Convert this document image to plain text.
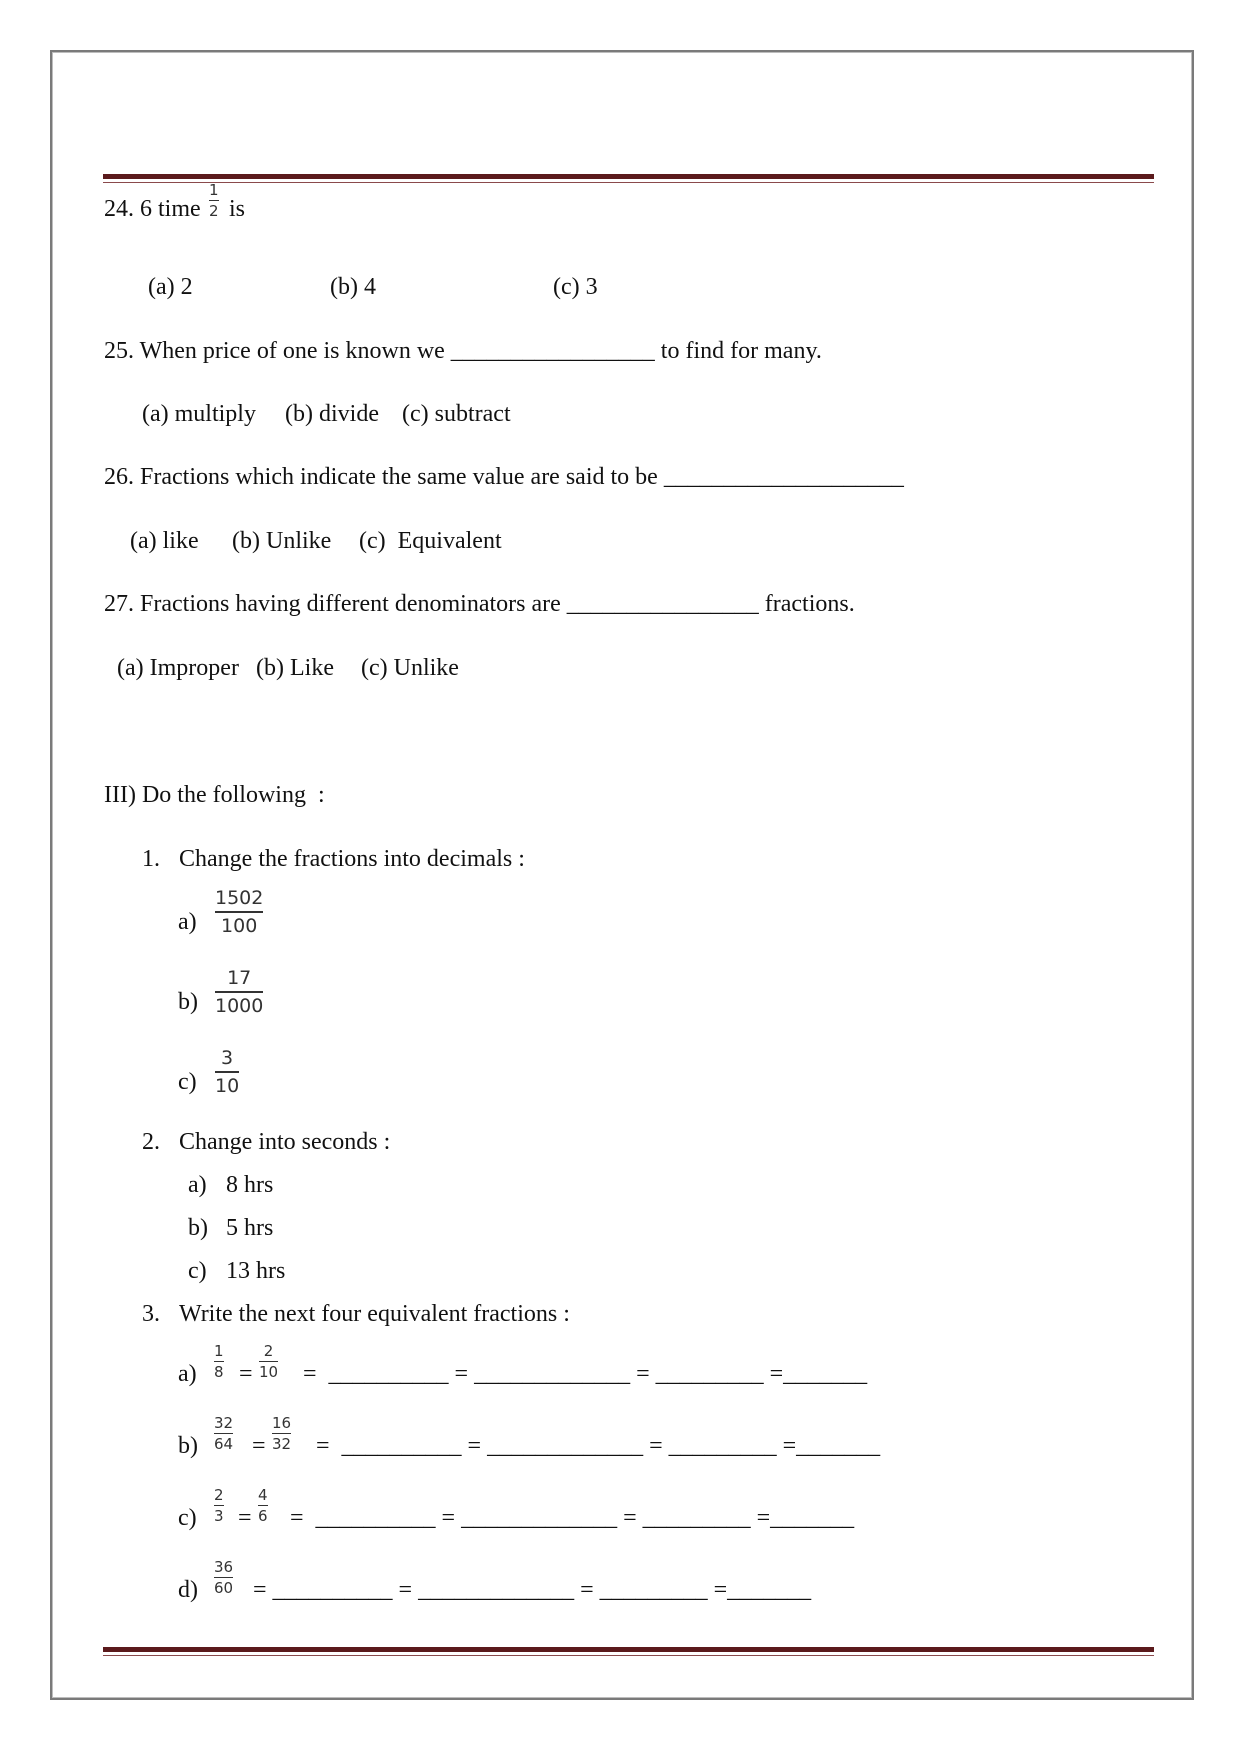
24. 6 time
1
2 is
(a) 2	(b) 4	(c) 3
25. When price of one is known we _________________ to find for many.
(a) multiply (b) divide (c) subtract
26. Fractions which indicate the same value are said to be ____________________
(a) like (b) Unlike (c)  Equivalent
27. Fractions having different denominators are ________________ fractions.
(a) Improper (b) Like (c) Unlike
III) Do the following  :
1. Change the fractions into decimals :
a)
1502
100
b)
17
1000
c)
3
10
2. Change into seconds :
a) 8 hrs
b) 5 hrs
c) 13 hrs
3. Write the next four equivalent fractions :
a)
1
8 =
2
10 =  __________ = _____________ = _________ =_______
b)
32
64 =
16
32 =  __________ = _____________ = _________ =_______
c)
2
3 =
4
6 =  __________ = _____________ = _________ =_______
d)
36
60 = __________ = _____________ = _________ =_______
